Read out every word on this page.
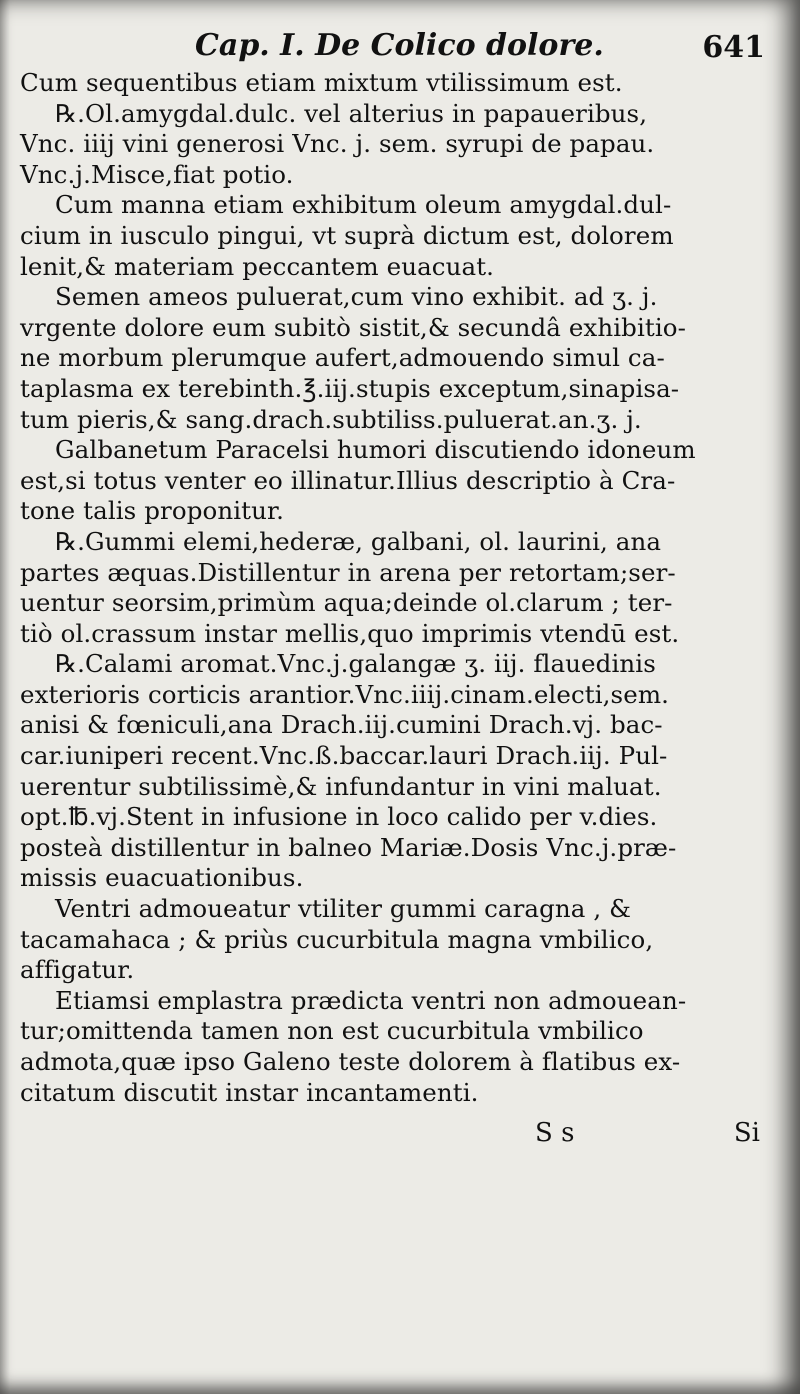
Cap. I. De Colico dolore.	641
Cum sequentibus etiam mixtum vtilissimum est.
℞.Ol.amygdal.dulc. vel alterius in papaueribus,
Vnc. iiij vini generosi Vnc. j. sem. syrupi de papau.
Vnc.j.Misce,fiat potio.
Cum manna etiam exhibitum oleum amygdal.dul-
cium in iusculo pingui, vt suprà dictum est, dolorem
lenit,& materiam peccantem euacuat.
Semen ameos puluerat,cum vino exhibit. ad ʒ. j.
vrgente dolore eum subitò sistit,& secundâ exhibitio-
ne morbum plerumque aufert,admouendo simul ca-
taplasma ex terebinth.℥.iij.stupis exceptum,sinapisa-
tum pieris,& sang.drach.subtiliss.puluerat.an.ʒ. j.
Galbanetum Paracelsi humori discutiendo idoneum
est,si totus venter eo illinatur.Illius descriptio à Cra-
tone talis proponitur.
℞.Gummi elemi,hederæ, galbani, ol. laurini, ana
partes æquas.Distillentur in arena per retortam;ser-
uentur seorsim,primùm aqua;deinde ol.clarum ; ter-
tiò ol.crassum instar mellis,quo imprimis vtendū est.
℞.Calami aromat.Vnc.j.galangæ ʒ. iij. flauedinis
exterioris corticis arantior.Vnc.iiij.cinam.electi,sem.
anisi & fœniculi,ana Drach.iij.cumini Drach.vj. bac-
car.iuniperi recent.Vnc.ß.baccar.lauri Drach.iij. Pul-
uerentur subtilissimè,& infundantur in vini maluat.
opt.℔.vj.Stent in infusione in loco calido per v.dies.
posteà distillentur in balneo Mariæ.Dosis Vnc.j.præ-
missis euacuationibus.
Ventri admoueatur vtiliter gummi caragna , &
tacamahaca ; & priùs cucurbitula magna vmbilico,
affigatur.
Etiamsi emplastra prædicta ventri non admouean-
tur;omittenda tamen non est cucurbitula vmbilico
admota,quæ ipso Galeno teste dolorem à flatibus ex-
citatum discutit instar incantamenti.
S s	Si
